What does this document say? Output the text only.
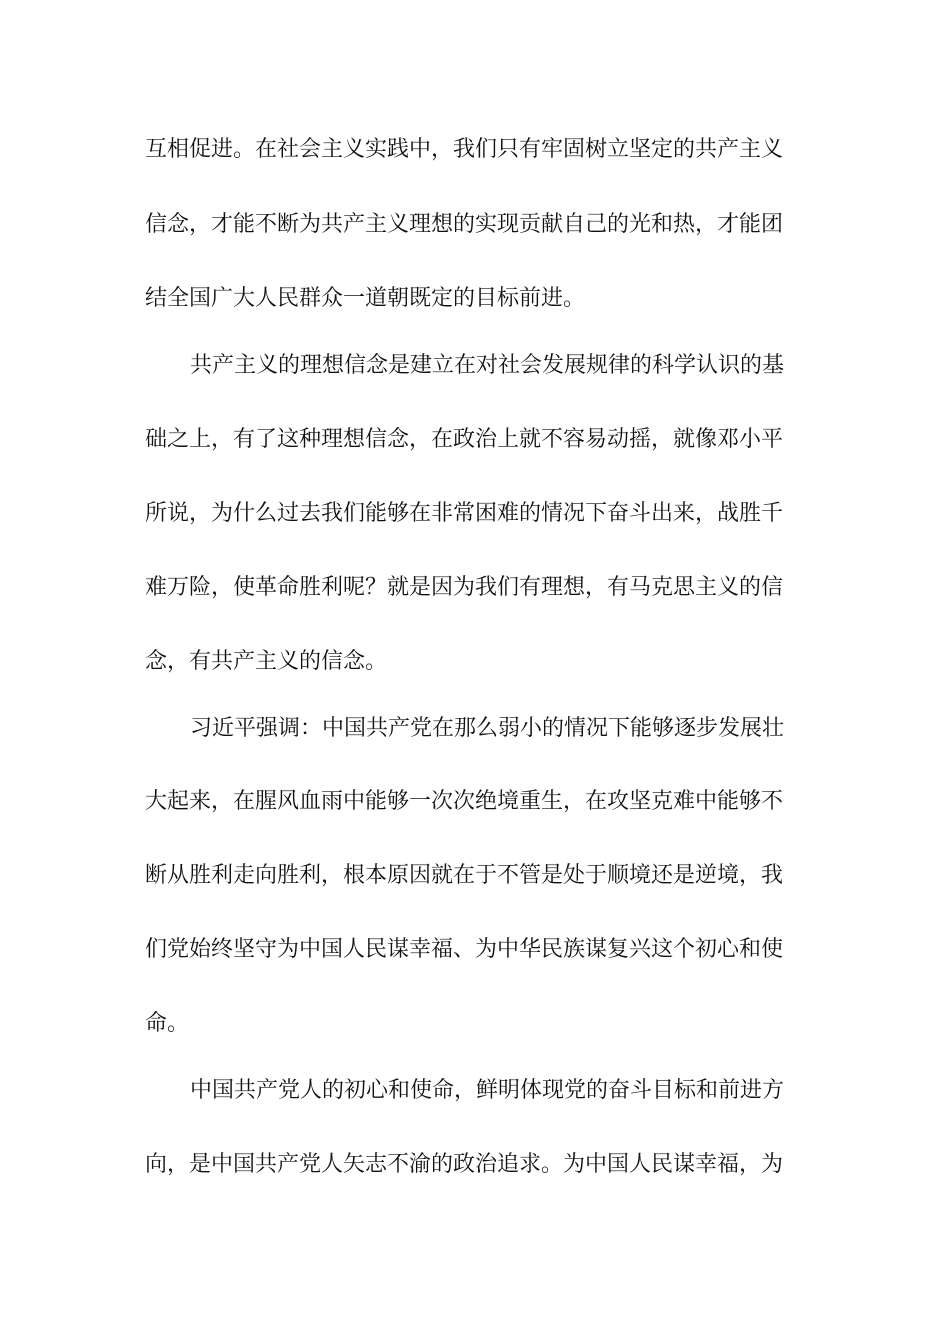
互相促进。在社会主义实践中，我们只有牢固树立坚定的共产主义
信念，才能不断为共产主义理想的实现贡献自己的光和热，才能团
结全国广大人民群众一道朝既定的目标前进。
共产主义的理想信念是建立在对社会发展规律的科学认识的基
础之上，有了这种理想信念，在政治上就不容易动摇，就像邓小平
所说，为什么过去我们能够在非常困难的情况下奋斗出来，战胜千
难万险，使革命胜利呢？就是因为我们有理想，有马克思主义的信
念，有共产主义的信念。
习近平强调：中国共产党在那么弱小的情况下能够逐步发展壮
大起来，在腥风血雨中能够一次次绝境重生，在攻坚克难中能够不
断从胜利走向胜利，根本原因就在于不管是处于顺境还是逆境，我
们党始终坚守为中国人民谋幸福、为中华民族谋复兴这个初心和使
命。
中国共产党人的初心和使命，鲜明体现党的奋斗目标和前进方
向，是中国共产党人矢志不渝的政治追求。为中国人民谋幸福，为
